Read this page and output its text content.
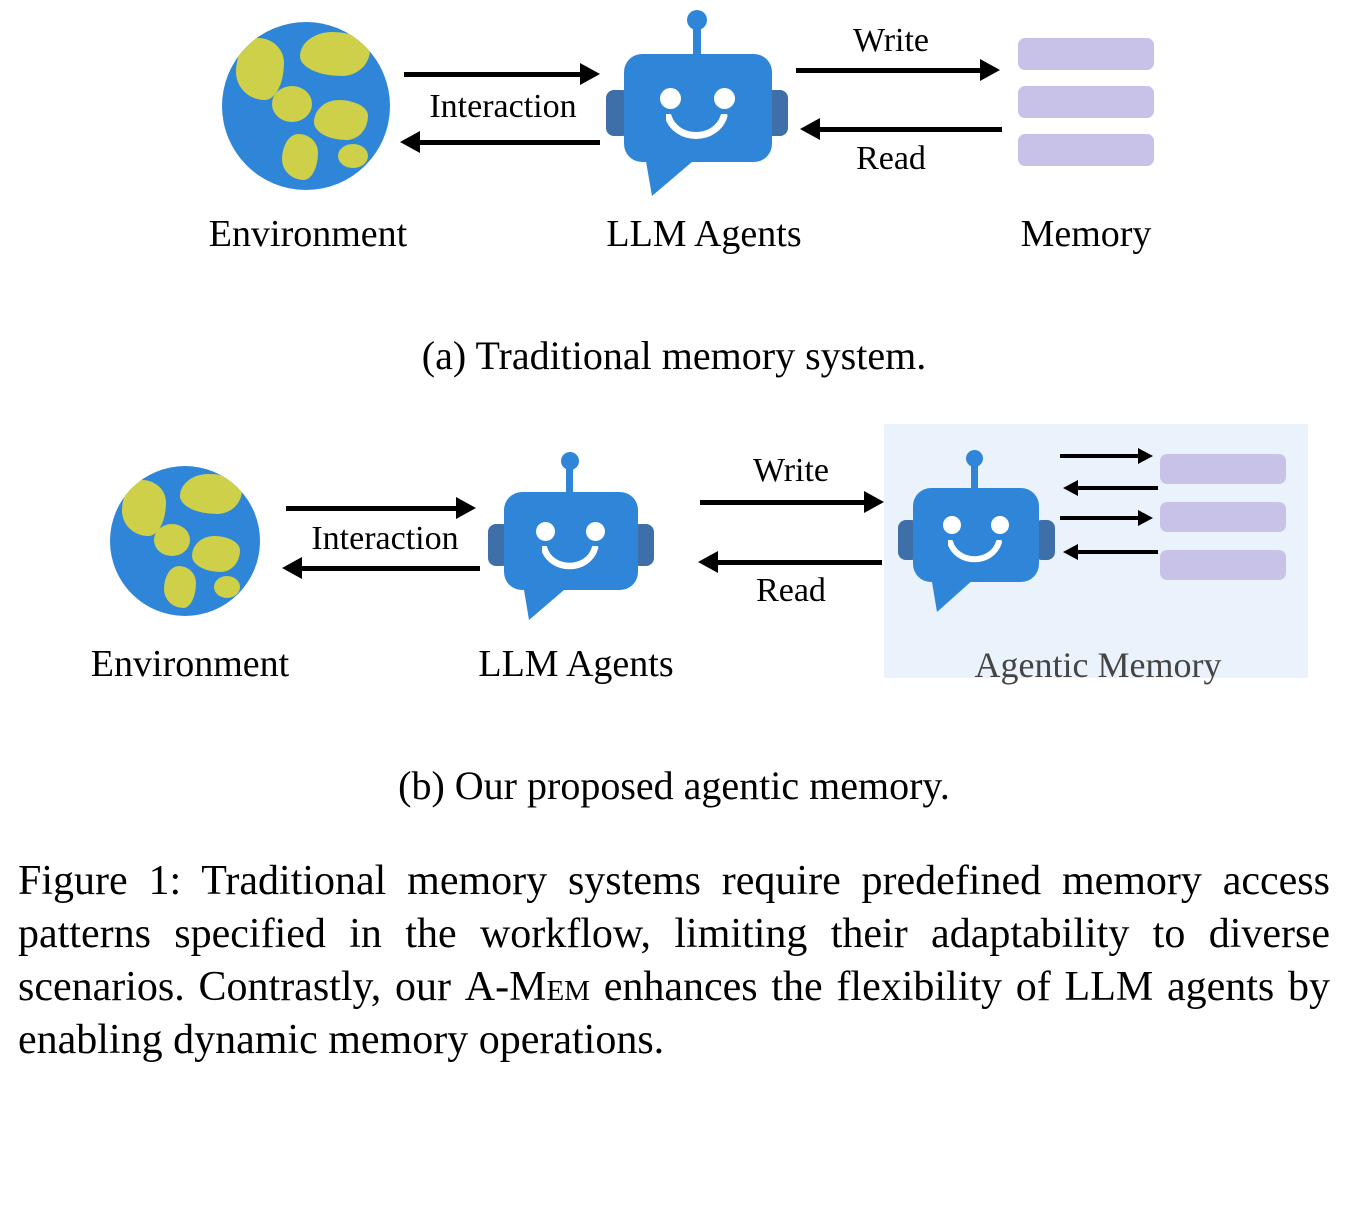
Interaction
Write
Read
Environment	LLM Agents	Memory
(a) Traditional memory system.
Interaction
Write
Read
Environment	LLM Agents	Agentic Memory
(b) Our proposed agentic memory.
Figure 1: Traditional memory systems require predefined memory access patterns specified in the workflow, limiting their adaptability to diverse scenarios. Contrastly, our A-Mem enhances the flexibility of LLM agents by enabling dynamic memory operations.
